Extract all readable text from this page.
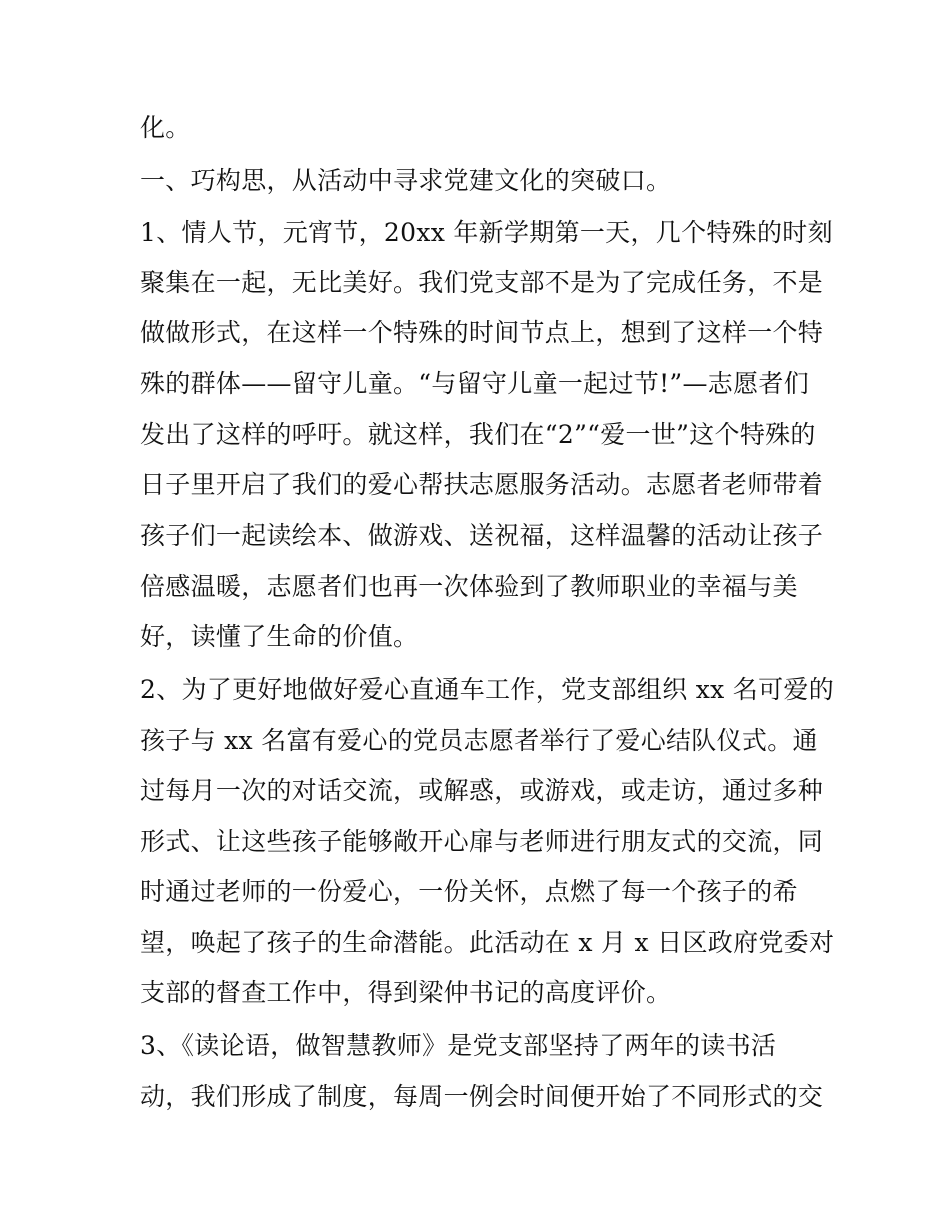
化。
一、巧构思，从活动中寻求党建文化的突破口。
1、情人节，元宵节，20xx 年新学期第一天，几个特殊的时刻
聚集在一起，无比美好。我们党支部不是为了完成任务，不是
做做形式，在这样一个特殊的时间节点上，想到了这样一个特
殊的群体——留守儿童。“与留守儿童一起过节!”—志愿者们
发出了这样的呼吁。就这样，我们在“2”“爱一世”这个特殊的
日子里开启了我们的爱心帮扶志愿服务活动。志愿者老师带着
孩子们一起读绘本、做游戏、送祝福，这样温馨的活动让孩子
倍感温暖，志愿者们也再一次体验到了教师职业的幸福与美
好，读懂了生命的价值。
2、为了更好地做好爱心直通车工作，党支部组织 xx 名可爱的
孩子与 xx 名富有爱心的党员志愿者举行了爱心结队仪式。通
过每月一次的对话交流，或解惑，或游戏，或走访，通过多种
形式、让这些孩子能够敞开心扉与老师进行朋友式的交流，同
时通过老师的一份爱心，一份关怀，点燃了每一个孩子的希
望，唤起了孩子的生命潜能。此活动在 x 月 x 日区政府党委对
支部的督查工作中，得到梁仲书记的高度评价。
3、《读论语，做智慧教师》是党支部坚持了两年的读书活
动，我们形成了制度，每周一例会时间便开始了不同形式的交
